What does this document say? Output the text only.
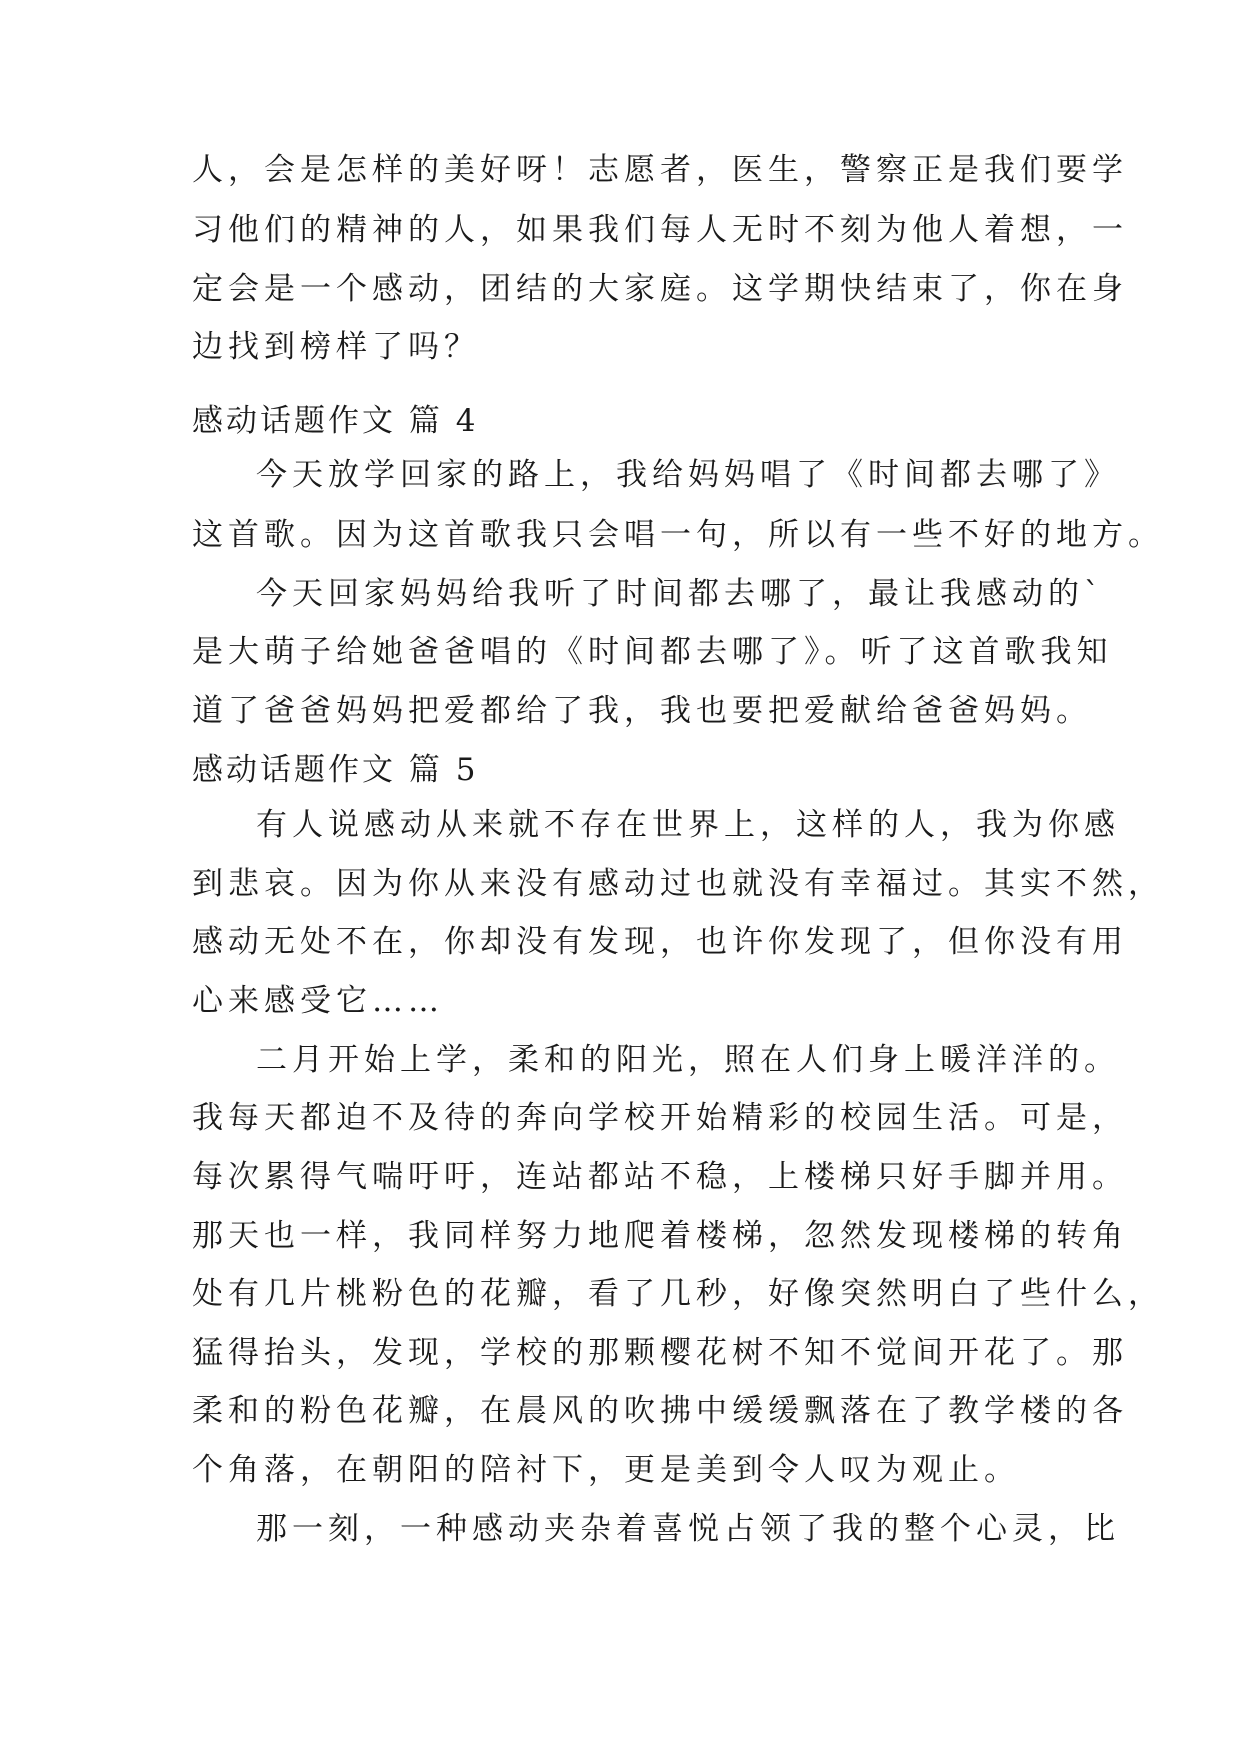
人，会是怎样的美好呀！志愿者，医生，警察正是我们要学

习他们的精神的人，如果我们每人无时不刻为他人着想，一

定会是一个感动，团结的大家庭。这学期快结束了，你在身

边找到榜样了吗？

感动话题作文 篇 4

今天放学回家的路上，我给妈妈唱了《时间都去哪了》

这首歌。因为这首歌我只会唱一句，所以有一些不好的地方。

今天回家妈妈给我听了时间都去哪了，最让我感动的`

是大萌子给她爸爸唱的《时间都去哪了》。听了这首歌我知

道了爸爸妈妈把爱都给了我，我也要把爱献给爸爸妈妈。

感动话题作文 篇 5

有人说感动从来就不存在世界上，这样的人，我为你感

到悲哀。因为你从来没有感动过也就没有幸福过。其实不然，

感动无处不在，你却没有发现，也许你发现了，但你没有用

心来感受它……

二月开始上学，柔和的阳光，照在人们身上暖洋洋的。

我每天都迫不及待的奔向学校开始精彩的校园生活。可是，

每次累得气喘吁吁，连站都站不稳，上楼梯只好手脚并用。

那天也一样，我同样努力地爬着楼梯，忽然发现楼梯的转角

处有几片桃粉色的花瓣，看了几秒，好像突然明白了些什么，

猛得抬头，发现，学校的那颗樱花树不知不觉间开花了。那

柔和的粉色花瓣，在晨风的吹拂中缓缓飘落在了教学楼的各

个角落，在朝阳的陪衬下，更是美到令人叹为观止。

那一刻，一种感动夹杂着喜悦占领了我的整个心灵，比
